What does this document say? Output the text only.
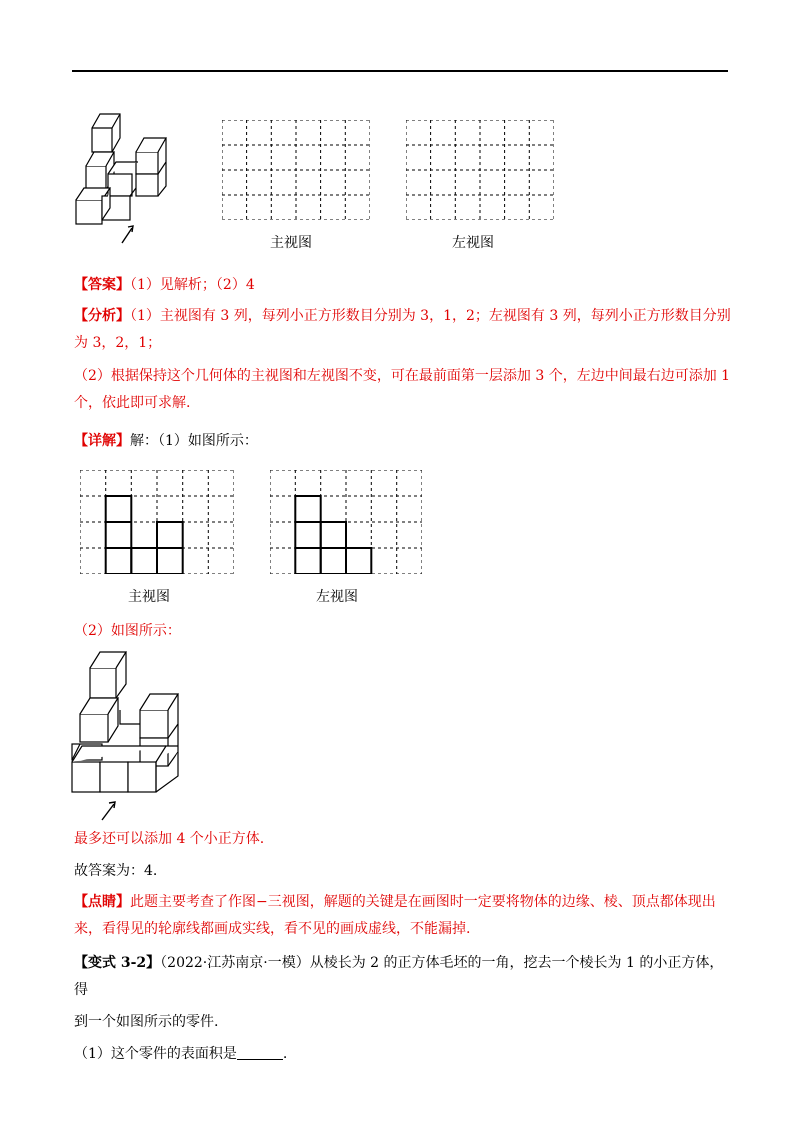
主视图	左视图
【答案】（1）见解析；（2）4
【分析】（1）主视图有 3 列，每列小正方形数目分别为 3，1，2；左视图有 3 列，每列小正方形数目分别
为 3，2，1；
（2）根据保持这个几何体的主视图和左视图不变，可在最前面第一层添加 3 个，左边中间最右边可添加 1
个，依此即可求解.
【详解】解：（1）如图所示：
主视图	左视图
（2）如图所示：
最多还可以添加 4 个小正方体.
故答案为：4.
【点睛】此题主要考查了作图−三视图，解题的关键是在画图时一定要将物体的边缘、棱、顶点都体现出
来，看得见的轮廓线都画成实线，看不见的画成虚线，不能漏掉.
【变式 3-2】（2022·江苏南京·一模）从棱长为 2 的正方体毛坯的一角，挖去一个棱长为 1 的小正方体，得
到一个如图所示的零件.
（1）这个零件的表面积是	.
